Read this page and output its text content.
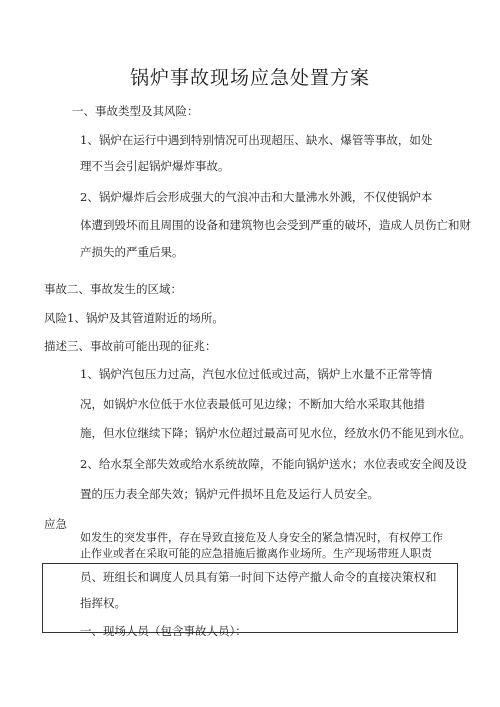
锅炉事故现场应急处置方案
一、事故类型及其风险：
1、锅炉在运行中遇到特别情况可出现超压、缺水、爆管等事故，如处
理不当会引起锅炉爆炸事故。
2、锅炉爆炸后会形成强大的气浪冲击和大量沸水外溅，不仅使锅炉本
体遭到毁坏而且周围的设备和建筑物也会受到严重的破坏，造成人员伤亡和财
产损失的严重后果。
事故二、事故发生的区域：
风险1、锅炉及其管道附近的场所。
描述三、事故前可能出现的征兆：
1、锅炉汽包压力过高，汽包水位过低或过高，锅炉上水量不正常等情
况，如锅炉水位低于水位表最低可见边缘；不断加大给水采取其他措
施，但水位继续下降；锅炉水位超过最高可见水位，经放水仍不能见到水位。
2、给水泵全部失效或给水系统故障，不能向锅炉送水；水位表或安全阀及设
置的压力表全部失效；锅炉元件损坏且危及运行人员安全。
应急
如发生的突发事件，存在导致直接危及人身安全的紧急情况时，有权停工作
止作业或者在采取可能的应急措施后撤离作业场所。生产现场带班人职责
员、班组长和调度人员具有第一时间下达停产撤人命令的直接决策权和
指挥权。
一、现场人员（包含事故人员）：
